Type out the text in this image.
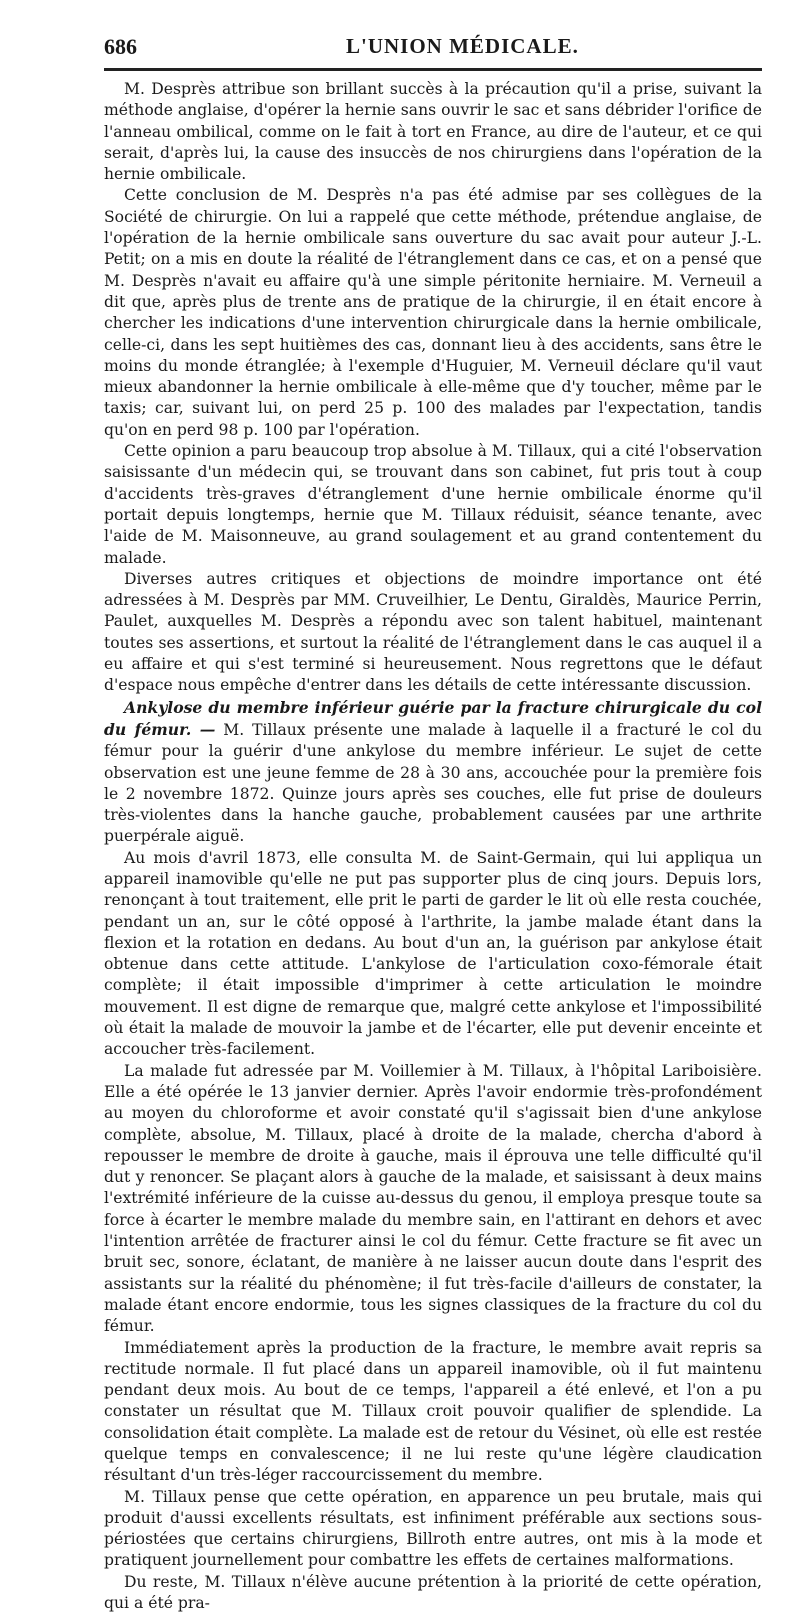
686	L'UNION MÉDICALE.

M. Desprès attribue son brillant succès à la précaution qu'il a prise, suivant la méthode anglaise, d'opérer la hernie sans ouvrir le sac et sans débrider l'orifice de l'anneau ombilical, comme on le fait à tort en France, au dire de l'auteur, et ce qui serait, d'après lui, la cause des insuccès de nos chirurgiens dans l'opération de la hernie ombilicale.

Cette conclusion de M. Desprès n'a pas été admise par ses collègues de la Société de chirurgie. On lui a rappelé que cette méthode, prétendue anglaise, de l'opération de la hernie ombilicale sans ouverture du sac avait pour auteur J.-L. Petit; on a mis en doute la réalité de l'étranglement dans ce cas, et on a pensé que M. Desprès n'avait eu affaire qu'à une simple péritonite herniaire. M. Verneuil a dit que, après plus de trente ans de pratique de la chirurgie, il en était encore à chercher les indications d'une intervention chirurgicale dans la hernie ombilicale, celle-ci, dans les sept huitièmes des cas, donnant lieu à des accidents, sans être le moins du monde étranglée; à l'exemple d'Huguier, M. Verneuil déclare qu'il vaut mieux abandonner la hernie ombilicale à elle-même que d'y toucher, même par le taxis; car, suivant lui, on perd 25 p. 100 des malades par l'expectation, tandis qu'on en perd 98 p. 100 par l'opération.

Cette opinion a paru beaucoup trop absolue à M. Tillaux, qui a cité l'observation saisissante d'un médecin qui, se trouvant dans son cabinet, fut pris tout à coup d'accidents très-graves d'étranglement d'une hernie ombilicale énorme qu'il portait depuis longtemps, hernie que M. Tillaux réduisit, séance tenante, avec l'aide de M. Maisonneuve, au grand soulagement et au grand contentement du malade.

Diverses autres critiques et objections de moindre importance ont été adressées à M. Desprès par MM. Cruveilhier, Le Dentu, Giraldès, Maurice Perrin, Paulet, auxquelles M. Desprès a répondu avec son talent habituel, maintenant toutes ses assertions, et surtout la réalité de l'étranglement dans le cas auquel il a eu affaire et qui s'est terminé si heureusement. Nous regrettons que le défaut d'espace nous empêche d'entrer dans les détails de cette intéressante discussion.

Ankylose du membre inférieur guérie par la fracture chirurgicale du col du fémur. — M. Tillaux présente une malade à laquelle il a fracturé le col du fémur pour la guérir d'une ankylose du membre inférieur. Le sujet de cette observation est une jeune femme de 28 à 30 ans, accouchée pour la première fois le 2 novembre 1872. Quinze jours après ses couches, elle fut prise de douleurs très-violentes dans la hanche gauche, probablement causées par une arthrite puerpérale aiguë.

Au mois d'avril 1873, elle consulta M. de Saint-Germain, qui lui appliqua un appareil inamovible qu'elle ne put pas supporter plus de cinq jours. Depuis lors, renonçant à tout traitement, elle prit le parti de garder le lit où elle resta couchée, pendant un an, sur le côté opposé à l'arthrite, la jambe malade étant dans la flexion et la rotation en dedans. Au bout d'un an, la guérison par ankylose était obtenue dans cette attitude. L'ankylose de l'articulation coxo-fémorale était complète; il était impossible d'imprimer à cette articulation le moindre mouvement. Il est digne de remarque que, malgré cette ankylose et l'impossibilité où était la malade de mouvoir la jambe et de l'écarter, elle put devenir enceinte et accoucher très-facilement.

La malade fut adressée par M. Voillemier à M. Tillaux, à l'hôpital Lariboisière. Elle a été opérée le 13 janvier dernier. Après l'avoir endormie très-profondément au moyen du chloroforme et avoir constaté qu'il s'agissait bien d'une ankylose complète, absolue, M. Tillaux, placé à droite de la malade, chercha d'abord à repousser le membre de droite à gauche, mais il éprouva une telle difficulté qu'il dut y renoncer. Se plaçant alors à gauche de la malade, et saisissant à deux mains l'extrémité inférieure de la cuisse au-dessus du genou, il employa presque toute sa force à écarter le membre malade du membre sain, en l'attirant en dehors et avec l'intention arrêtée de fracturer ainsi le col du fémur. Cette fracture se fit avec un bruit sec, sonore, éclatant, de manière à ne laisser aucun doute dans l'esprit des assistants sur la réalité du phénomène; il fut très-facile d'ailleurs de constater, la malade étant encore endormie, tous les signes classiques de la fracture du col du fémur.

Immédiatement après la production de la fracture, le membre avait repris sa rectitude normale. Il fut placé dans un appareil inamovible, où il fut maintenu pendant deux mois. Au bout de ce temps, l'appareil a été enlevé, et l'on a pu constater un résultat que M. Tillaux croit pouvoir qualifier de splendide. La consolidation était complète. La malade est de retour du Vésinet, où elle est restée quelque temps en convalescence; il ne lui reste qu'une légère claudication résultant d'un très-léger raccourcissement du membre.

M. Tillaux pense que cette opération, en apparence un peu brutale, mais qui produit d'aussi excellents résultats, est infiniment préférable aux sections sous-périostées que certains chirurgiens, Billroth entre autres, ont mis à la mode et pratiquent journellement pour combattre les effets de certaines malformations.

Du reste, M. Tillaux n'élève aucune prétention à la priorité de cette opération, qui a été pra-
